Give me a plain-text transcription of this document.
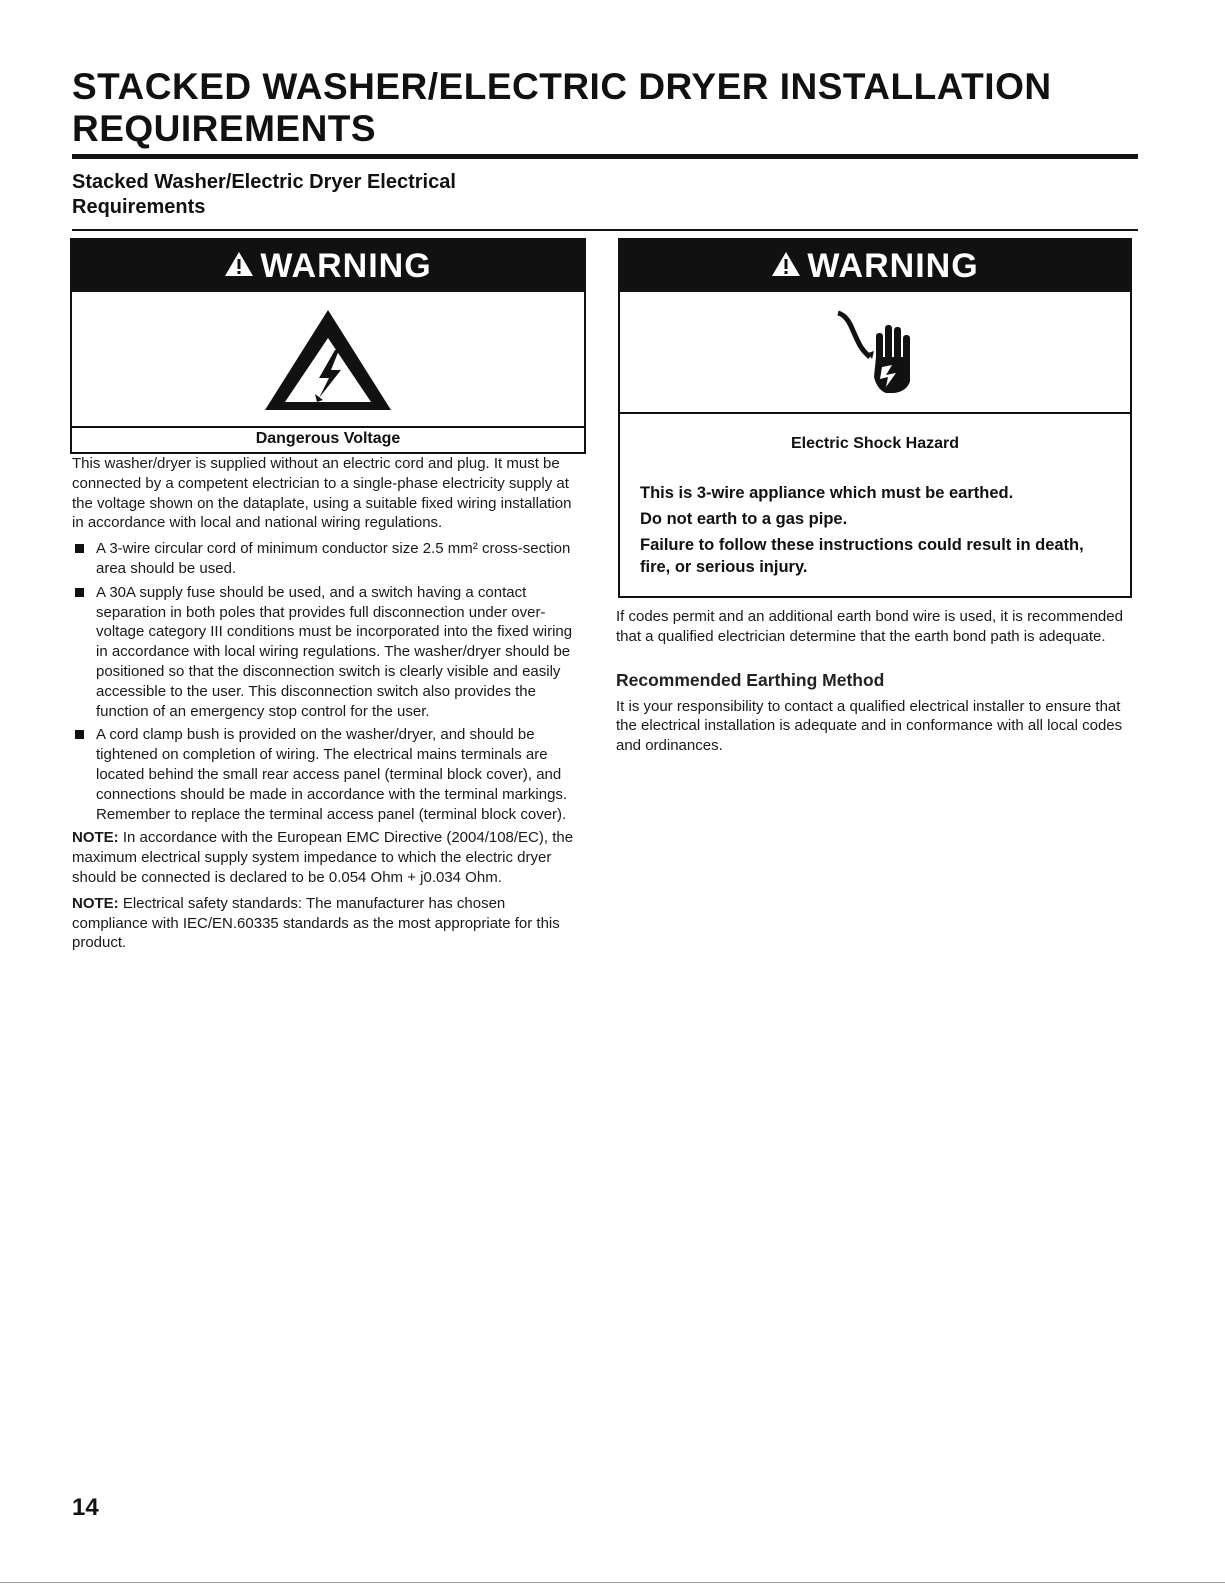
STACKED WASHER/ELECTRIC DRYER INSTALLATION REQUIREMENTS
Stacked Washer/Electric Dryer Electrical Requirements
WARNING
Dangerous Voltage
WARNING
Electric Shock Hazard
This is 3-wire appliance which must be earthed.
Do not earth to a gas pipe.
Failure to follow these instructions could result in death, fire, or serious injury.

This washer/dryer is supplied without an electric cord and plug. It must be connected by a competent electrician to a single-phase electricity supply at the voltage shown on the dataplate, using a suitable fixed wiring installation in accordance with local and national wiring regulations.

A 3-wire circular cord of minimum conductor size 2.5 mm² cross-section area should be used.
A 30A supply fuse should be used, and a switch having a contact separation in both poles that provides full disconnection under over-voltage category III conditions must be incorporated into the fixed wiring in accordance with local wiring regulations. The washer/dryer should be positioned so that the disconnection switch is clearly visible and easily accessible to the user. This disconnection switch also provides the function of an emergency stop control for the user.
A cord clamp bush is provided on the washer/dryer, and should be tightened on completion of wiring. The electrical mains terminals are located behind the small rear access panel (terminal block cover), and connections should be made in accordance with the terminal markings. Remember to replace the terminal access panel (terminal block cover).

NOTE: In accordance with the European EMC Directive (2004/108/EC), the maximum electrical supply system impedance to which the electric dryer should be connected is declared to be 0.054 Ohm + j0.034 Ohm.

NOTE: Electrical safety standards: The manufacturer has chosen compliance with IEC/EN.60335 standards as the most appropriate for this product.

If codes permit and an additional earth bond wire is used, it is recommended that a qualified electrician determine that the earth bond path is adequate.

Recommended Earthing Method

It is your responsibility to contact a qualified electrical installer to ensure that the electrical installation is adequate and in conformance with all local codes and ordinances.

14
